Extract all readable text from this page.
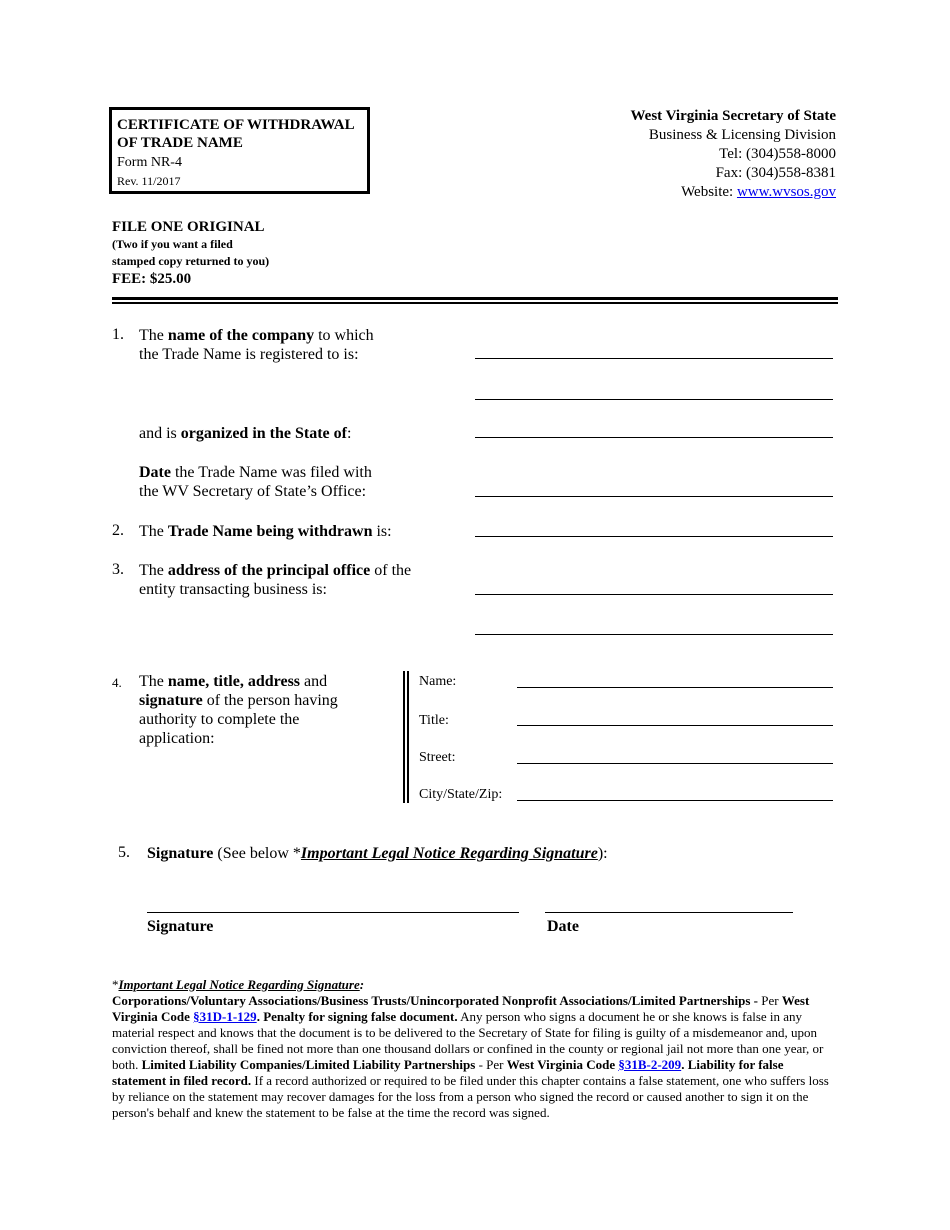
CERTIFICATE OF WITHDRAWAL
OF TRADE NAME
Form NR-4
Rev. 11/2017
West Virginia Secretary of State
Business & Licensing Division
Tel: (304)558-8000
Fax: (304)558-8381
Website: www.wvsos.gov
FILE ONE ORIGINAL
(Two if you want a filed
stamped copy returned to you)
FEE: $25.00
1. The name of the company to which
the Trade Name is registered to is:
and is organized in the State of:
Date the Trade Name was filed with
the WV Secretary of State’s Office:
2. The Trade Name being withdrawn is:
3. The address of the principal office of the
entity transacting business is:
4. The name, title, address and
signature of the person having
authority to complete the
application:
Name:
Title:
Street:
City/State/Zip:
5. Signature (See below *Important Legal Notice Regarding Signature):
Signature	Date
*Important Legal Notice Regarding Signature:
Corporations/Voluntary Associations/Business Trusts/Unincorporated Nonprofit Associations/Limited Partnerships - Per West Virginia Code §31D-1-129. Penalty for signing false document. Any person who signs a document he or she knows is false in any material respect and knows that the document is to be delivered to the Secretary of State for filing is guilty of a misdemeanor and, upon conviction thereof, shall be fined not more than one thousand dollars or confined in the county or regional jail not more than one year, or both. Limited Liability Companies/Limited Liability Partnerships - Per West Virginia Code §31B-2-209. Liability for false statement in filed record. If a record authorized or required to be filed under this chapter contains a false statement, one who suffers loss by reliance on the statement may recover damages for the loss from a person who signed the record or caused another to sign it on the person's behalf and knew the statement to be false at the time the record was signed.
